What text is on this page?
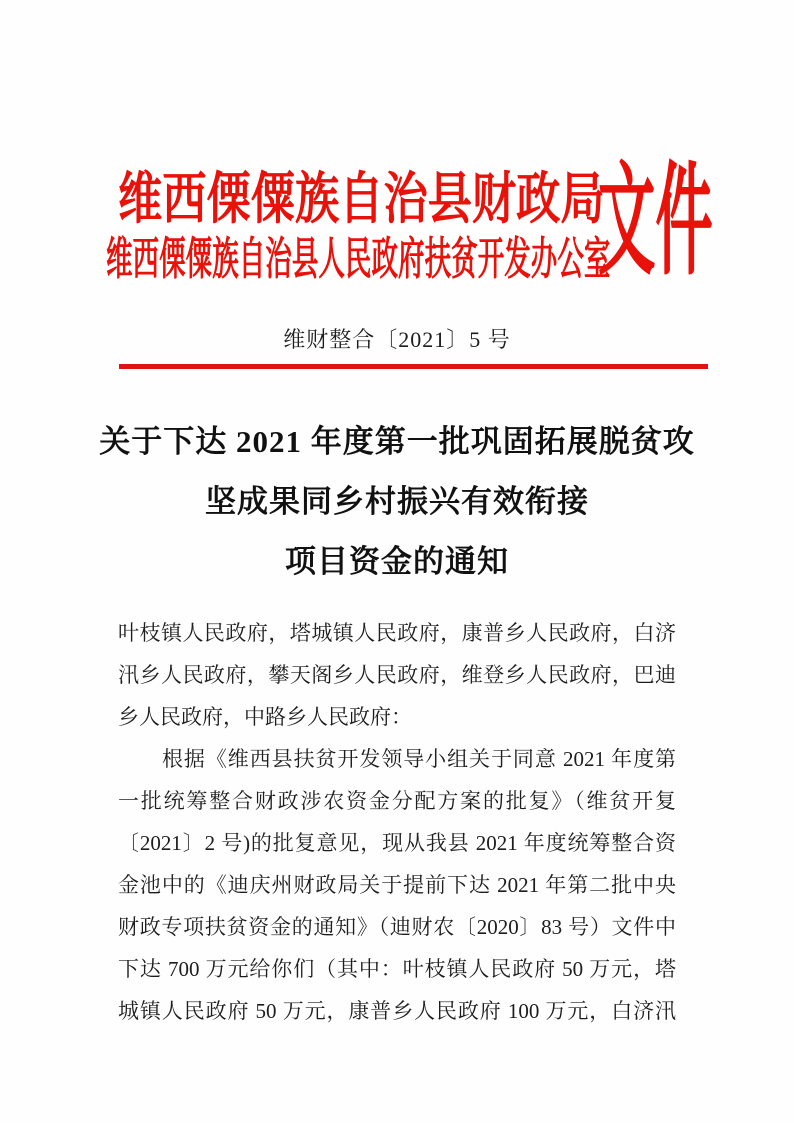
维西傈僳族自治县财政局
维西傈僳族自治县人民政府扶贫开发办公室
文件
维财整合〔2021〕5 号
关于下达 2021 年度第一批巩固拓展脱贫攻
坚成果同乡村振兴有效衔接
项目资金的通知
叶枝镇人民政府，塔城镇人民政府，康普乡人民政府，白济
汛乡人民政府，攀天阁乡人民政府，维登乡人民政府，巴迪
乡人民政府，中路乡人民政府：
根据《维西县扶贫开发领导小组关于同意 2021 年度第
一批统筹整合财政涉农资金分配方案的批复》（维贫开复
〔2021〕2 号)的批复意见，现从我县 2021 年度统筹整合资
金池中的《迪庆州财政局关于提前下达 2021 年第二批中央
财政专项扶贫资金的通知》（迪财农〔2020〕83 号）文件中
下达 700 万元给你们（其中：叶枝镇人民政府 50 万元，塔
城镇人民政府 50 万元，康普乡人民政府 100 万元，白济汛
